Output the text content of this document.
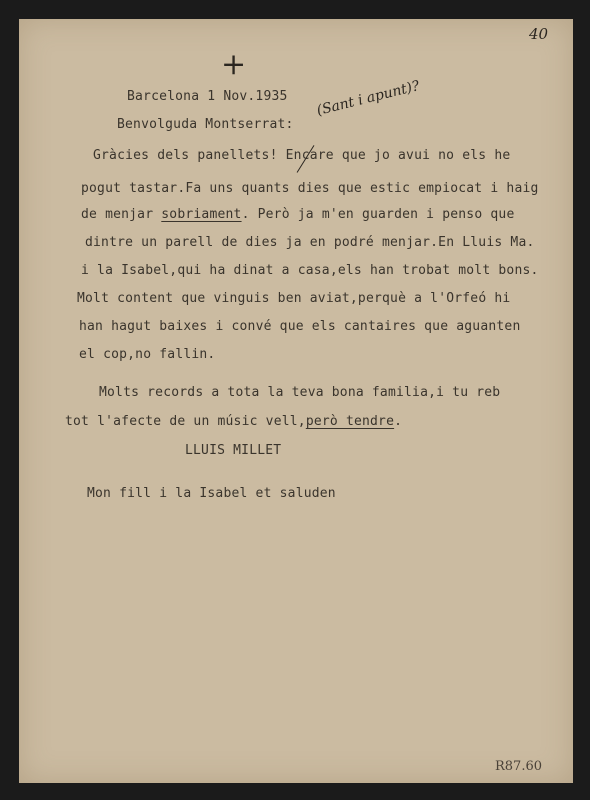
40
+
Barcelona 1 Nov.1935
Benvolguda Montserrat:
(Sant i apunt)?
Gràcies dels panellets! Encare que jo avui no els he
pogut tastar.Fa uns quants dies que estic empiocat i haig
de menjar sobriament. Però ja m'en guarden i penso que
dintre un parell de dies ja en podré menjar.En Lluis Ma.
i la Isabel,qui ha dinat a casa,els han trobat molt bons.
Molt content que vinguis ben aviat,perquè a l'Orfeó hi
han hagut baixes i convé que els cantaires que aguanten
el cop,no fallin.
Molts records a tota la teva bona familia,i tu reb
tot l'afecte de un músic vell,però tendre.
LLUIS MILLET
Mon fill i la Isabel et saluden
R87.60
